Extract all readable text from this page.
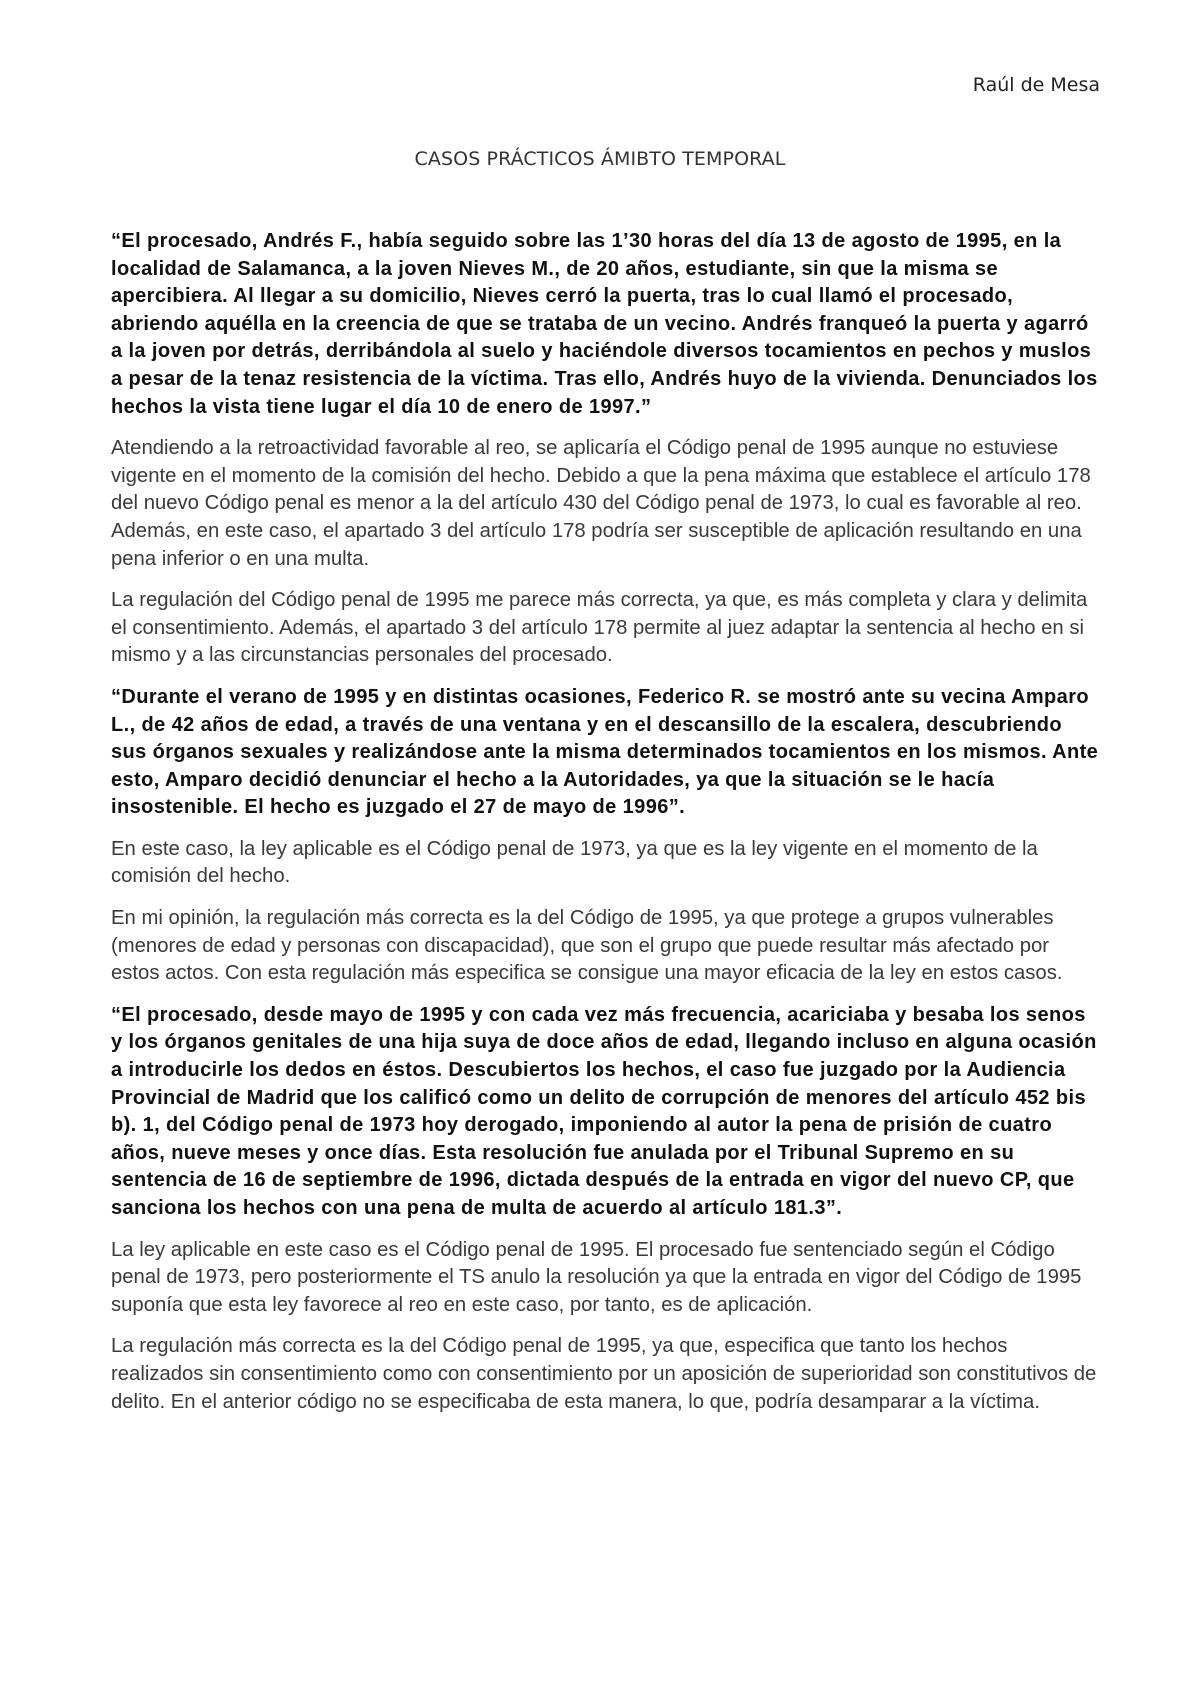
Raúl de Mesa
CASOS PRÁCTICOS ÁMIBTO TEMPORAL

“El procesado, Andrés F., había seguido sobre las 1’30 horas del día 13 de agosto de 1995, en la localidad de Salamanca, a la joven Nieves M., de 20 años, estudiante, sin que la misma se apercibiera. Al llegar a su domicilio, Nieves cerró la puerta, tras lo cual llamó el procesado, abriendo aquélla en la creencia de que se trataba de un vecino. Andrés franqueó la puerta y agarró a la joven por detrás, derribándola al suelo y haciéndole diversos tocamientos en pechos y muslos a pesar de la tenaz resistencia de la víctima. Tras ello, Andrés huyo de la vivienda. Denunciados los hechos la vista tiene lugar el día 10 de enero de 1997.”

Atendiendo a la retroactividad favorable al reo, se aplicaría el Código penal de 1995 aunque no estuviese vigente en el momento de la comisión del hecho. Debido a que la pena máxima que establece el artículo 178 del nuevo Código penal es menor a la del artículo 430 del Código penal de 1973, lo cual es favorable al reo. Además, en este caso, el apartado 3 del artículo 178 podría ser susceptible de aplicación resultando en una pena inferior o en una multa.

La regulación del Código penal de 1995 me parece más correcta, ya que, es más completa y clara y delimita el consentimiento. Además, el apartado 3 del artículo 178 permite al juez adaptar la sentencia al hecho en si mismo y a las circunstancias personales del procesado.

“Durante el verano de 1995 y en distintas ocasiones, Federico R. se mostró ante su vecina Amparo L., de 42 años de edad, a través de una ventana y en el descansillo de la escalera, descubriendo sus órganos sexuales y realizándose ante la misma determinados tocamientos en los mismos. Ante esto, Amparo decidió denunciar el hecho a la Autoridades, ya que la situación se le hacía insostenible. El hecho es juzgado el 27 de mayo de 1996”.

En este caso, la ley aplicable es el Código penal de 1973, ya que es la ley vigente en el momento de la comisión del hecho.

En mi opinión, la regulación más correcta es la del Código de 1995, ya que protege a grupos vulnerables (menores de edad y personas con discapacidad), que son el grupo que puede resultar más afectado por estos actos. Con esta regulación más especifica se consigue una mayor eficacia de la ley en estos casos.

“El procesado, desde mayo de 1995 y con cada vez más frecuencia, acariciaba y besaba los senos y los órganos genitales de una hija suya de doce años de edad, llegando incluso en alguna ocasión a introducirle los dedos en éstos. Descubiertos los hechos, el caso fue juzgado por la Audiencia Provincial de Madrid que los calificó como un delito de corrupción de menores del artículo 452 bis b). 1, del Código penal de 1973 hoy derogado, imponiendo al autor la pena de prisión de cuatro años, nueve meses y once días. Esta resolución fue anulada por el Tribunal Supremo en su sentencia de 16 de septiembre de 1996, dictada después de la entrada en vigor del nuevo CP, que sanciona los hechos con una pena de multa de acuerdo al artículo 181.3”.

La ley aplicable en este caso es el Código penal de 1995. El procesado fue sentenciado según el Código penal de 1973, pero posteriormente el TS anulo la resolución ya que la entrada en vigor del Código de 1995 suponía que esta ley favorece al reo en este caso, por tanto, es de aplicación.

La regulación más correcta es la del Código penal de 1995, ya que, especifica que tanto los hechos realizados sin consentimiento como con consentimiento por un aposición de superioridad son constitutivos de delito. En el anterior código no se especificaba de esta manera, lo que, podría desamparar a la víctima.
